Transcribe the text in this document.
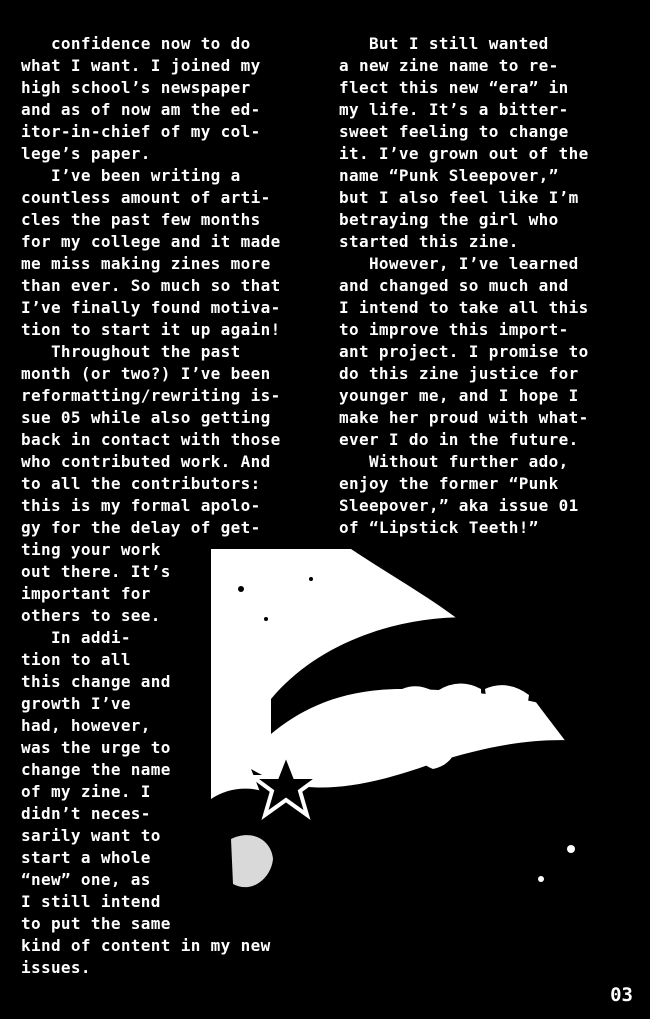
confidence now to do
what I want. I joined my
high school’s newspaper
and as of now am the ed-
itor-in-chief of my col-
lege’s paper.
I’ve been writing a
countless amount of arti-
cles the past few months
for my college and it made
me miss making zines more
than ever. So much so that
I’ve finally found motiva-
tion to start it up again!
Throughout the past
month (or two?) I’ve been
reformatting/rewriting is-
sue 05 while also getting
back in contact with those
who contributed work. And
to all the contributors:
this is my formal apolo-
gy for the delay of get-
ting your work
out there. It’s
important for
others to see.
In addi-
tion to all
this change and
growth I’ve
had, however,
was the urge to
change the name
of my zine. I
didn’t neces-
sarily want to
start a whole
“new” one, as
I still intend
to put the same
kind of content in my new
issues.
But I still wanted
a new zine name to re-
flect this new “era” in
my life. It’s a bitter-
sweet feeling to change
it. I’ve grown out of the
name “Punk Sleepover,”
but I also feel like I’m
betraying the girl who
started this zine.
However, I’ve learned
and changed so much and
I intend to take all this
to improve this import-
ant project. I promise to
do this zine justice for
younger me, and I hope I
make her proud with what-
ever I do in the future.
Without further ado,
enjoy the former “Punk
Sleepover,” aka issue 01
of “Lipstick Teeth!”
03
